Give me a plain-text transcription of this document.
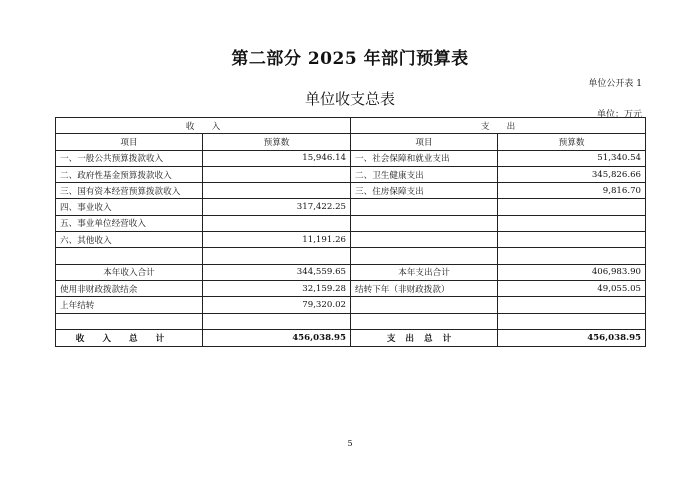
第二部分 2025 年部门预算表
单位公开表 1
单位收支总表
单位：万元
收　　入		支　　出	
项目	预算数	项目	预算数
一、一般公共预算拨款收入	15,946.14	一、社会保障和就业支出	51,340.54
二、政府性基金预算拨款收入		二、卫生健康支出	345,826.66
三、国有资本经营预算拨款收入		三、住房保障支出	9,816.70
四、事业收入	317,422.25		
五、事业单位经营收入			
六、其他收入	11,191.26		

本年收入合计	344,559.65	本年支出合计	406,983.90
使用非财政拨款结余	32,159.28	结转下年（非财政拨款）	49,055.05
上年结转	79,320.02		

收入总计	456,038.95	支出总计	456,038.95
5
